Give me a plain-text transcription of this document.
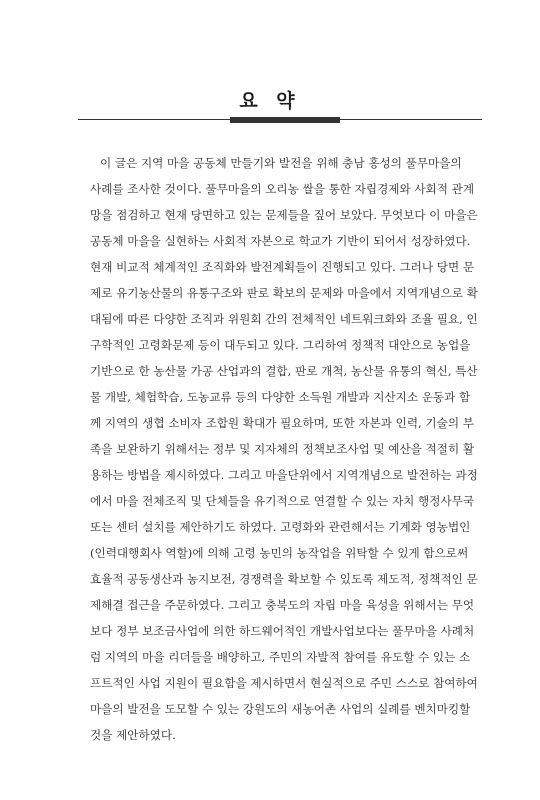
요 약
이 글은 지역 마을 공동체 만들기와 발전을 위해 충남 홍성의 풀무마을의
사례를 조사한 것이다. 풀무마을의 오리농 쌀을 통한 자립경제와 사회적 관계
망을 점검하고 현재 당면하고 있는 문제들을 짚어 보았다. 무엇보다 이 마을은
공동체 마을을 실현하는 사회적 자본으로 학교가 기반이 되어서 성장하였다.
현재 비교적 체계적인 조직화와 발전계획들이 진행되고 있다. 그러나 당면 문
제로 유기농산물의 유통구조와 판로 확보의 문제와 마을에서 지역개념으로 확
대됨에 따른 다양한 조직과 위원회 간의 전체적인 네트워크화와 조율 필요, 인
구학적인 고령화문제 등이 대두되고 있다. 그리하여 정책적 대안으로 농업을
기반으로 한 농산물 가공 산업과의 결합, 판로 개척, 농산물 유통의 혁신, 특산
물 개발, 체험학습, 도농교류 등의 다양한 소득원 개발과 지산지소 운동과 함
께 지역의 생협 소비자 조합원 확대가 필요하며, 또한 자본과 인력, 기술의 부
족을 보완하기 위해서는 정부 및 지자체의 정책보조사업 및 예산을 적절히 활
용하는 방법을 제시하였다. 그리고 마을단위에서 지역개념으로 발전하는 과정
에서 마을 전체조직 및 단체들을 유기적으로 연결할 수 있는 자치 행정사무국
또는 센터 설치를 제안하기도 하였다. 고령화와 관련해서는 기계화 영농법인
(인력대행회사 역할)에 의해 고령 농민의 농작업을 위탁할 수 있게 함으로써
효율적 공동생산과 농지보전, 경쟁력을 확보할 수 있도록 제도적, 정책적인 문
제해결 접근을 주문하였다. 그리고 충북도의 자립 마을 육성을 위해서는 무엇
보다 정부 보조금사업에 의한 하드웨어적인 개발사업보다는 풀무마을 사례처
럼 지역의 마을 리더들을 배양하고, 주민의 자발적 참여를 유도할 수 있는 소
프트적인 사업 지원이 필요함을 제시하면서 현실적으로 주민 스스로 참여하여
마을의 발전을 도모할 수 있는 강원도의 새농어촌 사업의 실례를 벤치마킹할
것을 제안하였다.
